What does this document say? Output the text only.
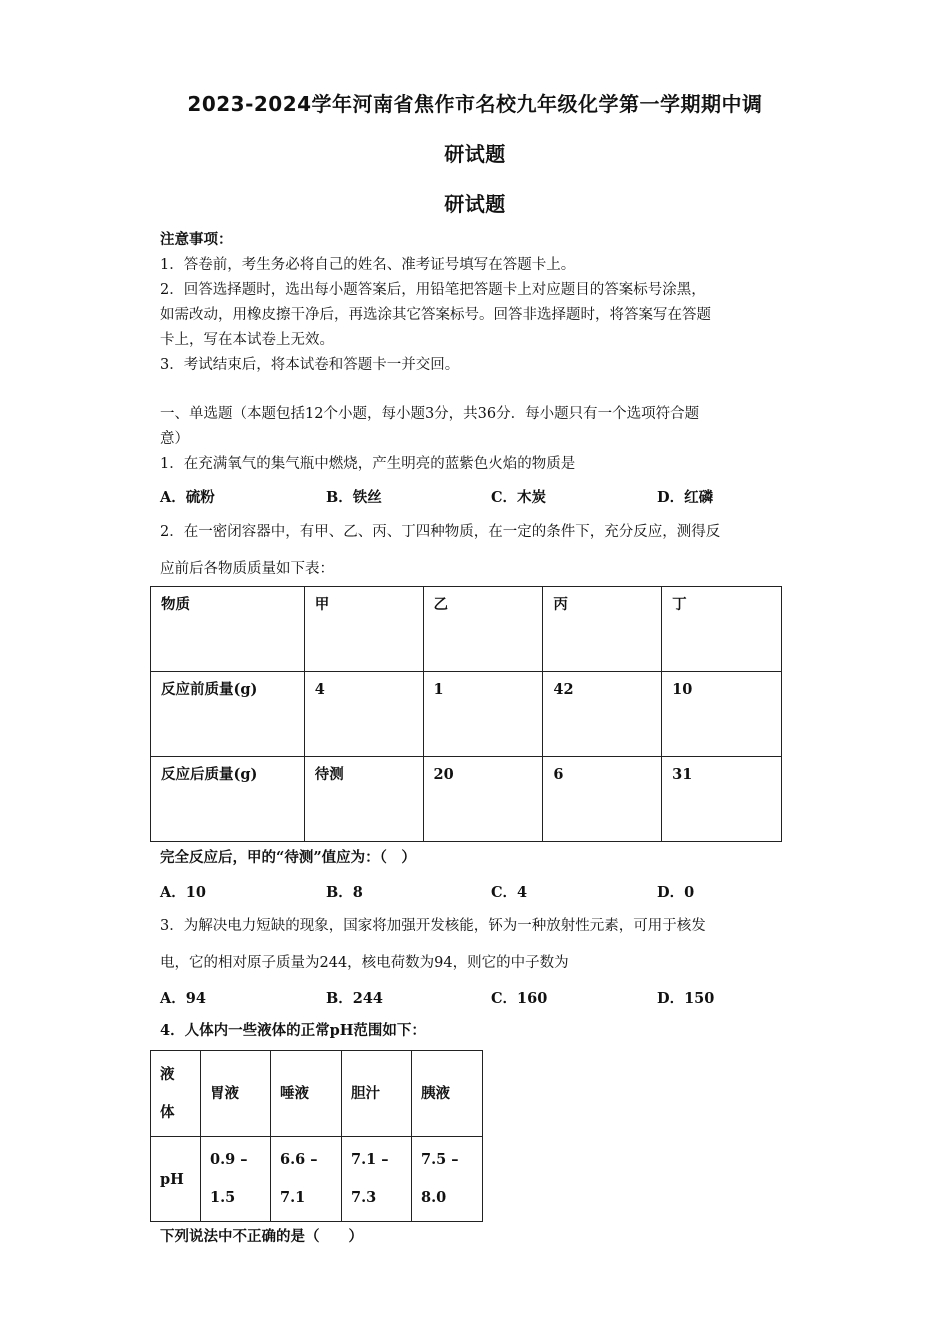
2023-2024学年河南省焦作市名校九年级化学第一学期期中调
研试题
研试题
注意事项：
1．答卷前，考生务必将自己的姓名、准考证号填写在答题卡上。
2．回答选择题时，选出每小题答案后，用铅笔把答题卡上对应题目的答案标号涂黑，
如需改动，用橡皮擦干净后，再选涂其它答案标号。回答非选择题时，将答案写在答题
卡上，写在本试卷上无效。
3．考试结束后，将本试卷和答题卡一并交回。
一、单选题（本题包括12个小题，每小题3分，共36分．每小题只有一个选项符合题
意）
1．在充满氧气的集气瓶中燃烧，产生明亮的蓝紫色火焰的物质是
A．硫粉	B．铁丝	C．木炭	D．红磷
2．在一密闭容器中，有甲、乙、丙、丁四种物质，在一定的条件下，充分反应，测得反
应前后各物质质量如下表：
物质	甲	乙	丙	丁

反应前质量(g)	4	1	42	10

反应后质量(g)	待测	20	6	31
完全反应后，甲的“待测”值应为：（　）
A．10	B．8	C．4	D．0
3．为解决电力短缺的现象，国家将加强开发核能，钚为一种放射性元素，可用于核发
电，它的相对原子质量为244，核电荷数为94，则它的中子数为
A．94	B．244	C．160	D．150
4．人体内一些液体的正常pH范围如下：
液
体	胃液	唾液	胆汁	胰液

pH	0.9 –
1.5	6.6 –
7.1	7.1 –
7.3	7.5 –
8.0
下列说法中不正确的是（　　）
